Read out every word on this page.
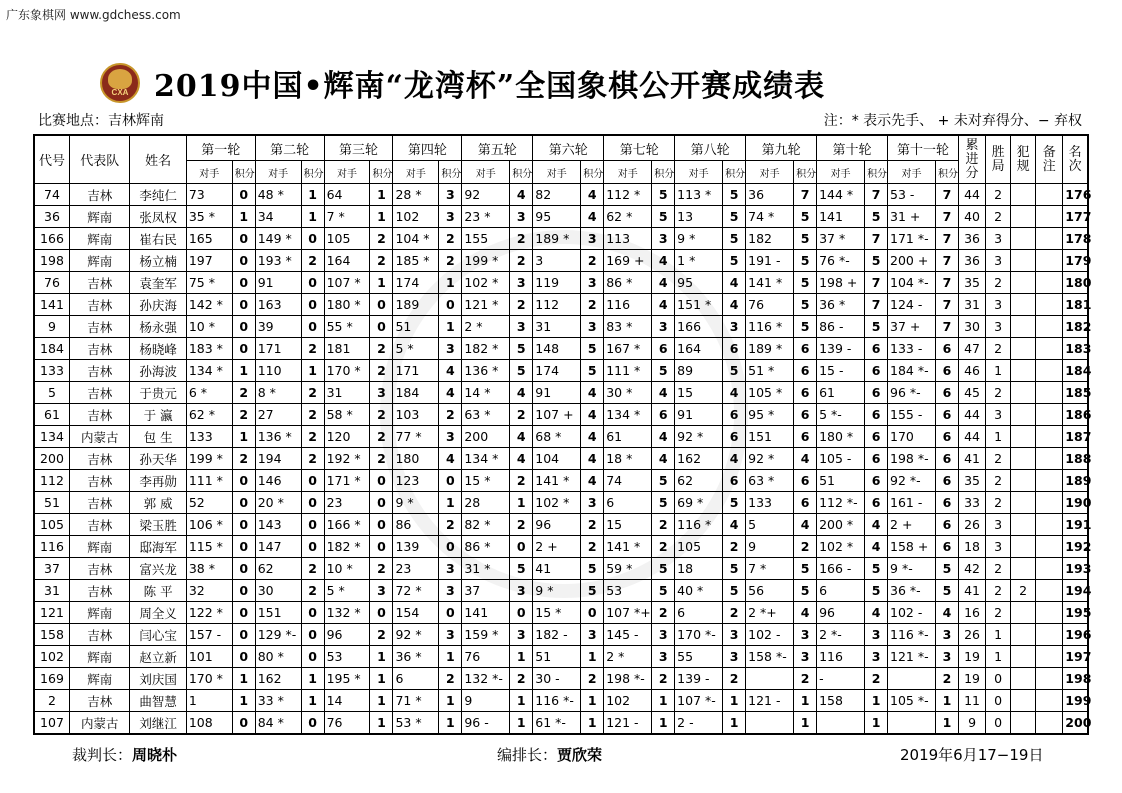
广东象棋网 www.gdchess.com
CXA 2019中国•辉南“龙湾杯”全国象棋公开赛成绩表
比赛地点：吉林辉南	注：* 表示先手、 + 未对弃得分、− 弃权
代号	代表队	姓名	第一轮		第二轮		第三轮		第四轮		第五轮		第六轮		第七轮		第八轮		第九轮		第十轮		第十一轮		累进分	胜局	犯规	备注	名次
			对手	积分	对手	积分	对手	积分	对手	积分	对手	积分	对手	积分	对手	积分	对手	积分	对手	积分	对手	积分	对手	积分					
74	吉林	李纯仁	73	0	48 *	1	64	1	28 *	3	92	4	82	4	112 *	5	113 *	5	36	7	144 *	7	53 -	7	44	2			176
36	辉南	张凤权	35 *	1	34	1	7 *	1	102	3	23 *	3	95	4	62 *	5	13	5	74 *	5	141	5	31 +	7	40	2			177
166	辉南	崔右民	165	0	149 *	0	105	2	104 *	2	155	2	189 *	3	113	3	9 *	5	182	5	37 *	7	171 *-	7	36	3			178
198	辉南	杨立楠	197	0	193 *	2	164	2	185 *	2	199 *	2	3	2	169 +	4	1 *	5	191 -	5	76 *-	5	200 +	7	36	3			179
76	吉林	袁奎军	75 *	0	91	0	107 *	1	174	1	102 *	3	119	3	86 *	4	95	4	141 *	5	198 +	7	104 *-	7	35	2			180
141	吉林	孙庆海	142 *	0	163	0	180 *	0	189	0	121 *	2	112	2	116	4	151 *	4	76	5	36 *	7	124 -	7	31	3			181
9	吉林	杨永强	10 *	0	39	0	55 *	0	51	1	2 *	3	31	3	83 *	3	166	3	116 *	5	86 -	5	37 +	7	30	3			182
184	吉林	杨晓峰	183 *	0	171	2	181	2	5 *	3	182 *	5	148	5	167 *	6	164	6	189 *	6	139 -	6	133 -	6	47	2			183
133	吉林	孙海波	134 *	1	110	1	170 *	2	171	4	136 *	5	174	5	111 *	5	89	5	51 *	6	15 -	6	184 *-	6	46	1			184
5	吉林	于贵元	6 *	2	8 *	2	31	3	184	4	14 *	4	91	4	30 *	4	15	4	105 *	6	61	6	96 *-	6	45	2			185
61	吉林	于 瀛	62 *	2	27	2	58 *	2	103	2	63 *	2	107 +	4	134 *	6	91	6	95 *	6	5 *-	6	155 -	6	44	3			186
134	内蒙古	包 生	133	1	136 *	2	120	2	77 *	3	200	4	68 *	4	61	4	92 *	6	151	6	180 *	6	170	6	44	1			187
200	吉林	孙天华	199 *	2	194	2	192 *	2	180	4	134 *	4	104	4	18 *	4	162	4	92 *	4	105 -	6	198 *-	6	41	2			188
112	吉林	李再勋	111 *	0	146	0	171 *	0	123	0	15 *	2	141 *	4	74	5	62	6	63 *	6	51	6	92 *-	6	35	2			189
51	吉林	郭 威	52	0	20 *	0	23	0	9 *	1	28	1	102 *	3	6	5	69 *	5	133	6	112 *-	6	161 -	6	33	2			190
105	吉林	梁玉胜	106 *	0	143	0	166 *	0	86	2	82 *	2	96	2	15	2	116 *	4	5	4	200 *	4	2 +	6	26	3			191
116	辉南	邸海军	115 *	0	147	0	182 *	0	139	0	86 *	0	2 +	2	141 *	2	105	2	9	2	102 *	4	158 +	6	18	3			192
37	吉林	富兴龙	38 *	0	62	2	10 *	2	23	3	31 *	5	41	5	59 *	5	18	5	7 *	5	166 -	5	9 *-	5	42	2			193
31	吉林	陈 平	32	0	30	2	5 *	3	72 *	3	37	3	9 *	5	53	5	40 *	5	56	5	6	5	36 *-	5	41	2	2		194
121	辉南	周全义	122 *	0	151	0	132 *	0	154	0	141	0	15 *	0	107 *+	2	6	2	2 *+	4	96	4	102 -	4	16	2			195
158	吉林	闫心宝	157 -	0	129 *-	0	96	2	92 *	3	159 *	3	182 -	3	145 -	3	170 *-	3	102 -	3	2 *-	3	116 *-	3	26	1			196
102	辉南	赵立新	101	0	80 *	0	53	1	36 *	1	76	1	51	1	2 *	3	55	3	158 *-	3	116	3	121 *-	3	19	1			197
169	辉南	刘庆国	170 *	1	162	1	195 *	1	6	2	132 *-	2	30 -	2	198 *-	2	139 -	2		2	-	2		2	19	0			198
2	吉林	曲智慧	1	1	33 *	1	14	1	71 *	1	9	1	116 *-	1	102	1	107 *-	1	121 -	1	158	1	105 *-	1	11	0			199
107	内蒙古	刘继江	108	0	84 *	0	76	1	53 *	1	96 -	1	61 *-	1	121 -	1	2 -	1		1		1		1	9	0			200
裁判长：周晓朴	编排长：贾欣荣	2019年6月17−19日
